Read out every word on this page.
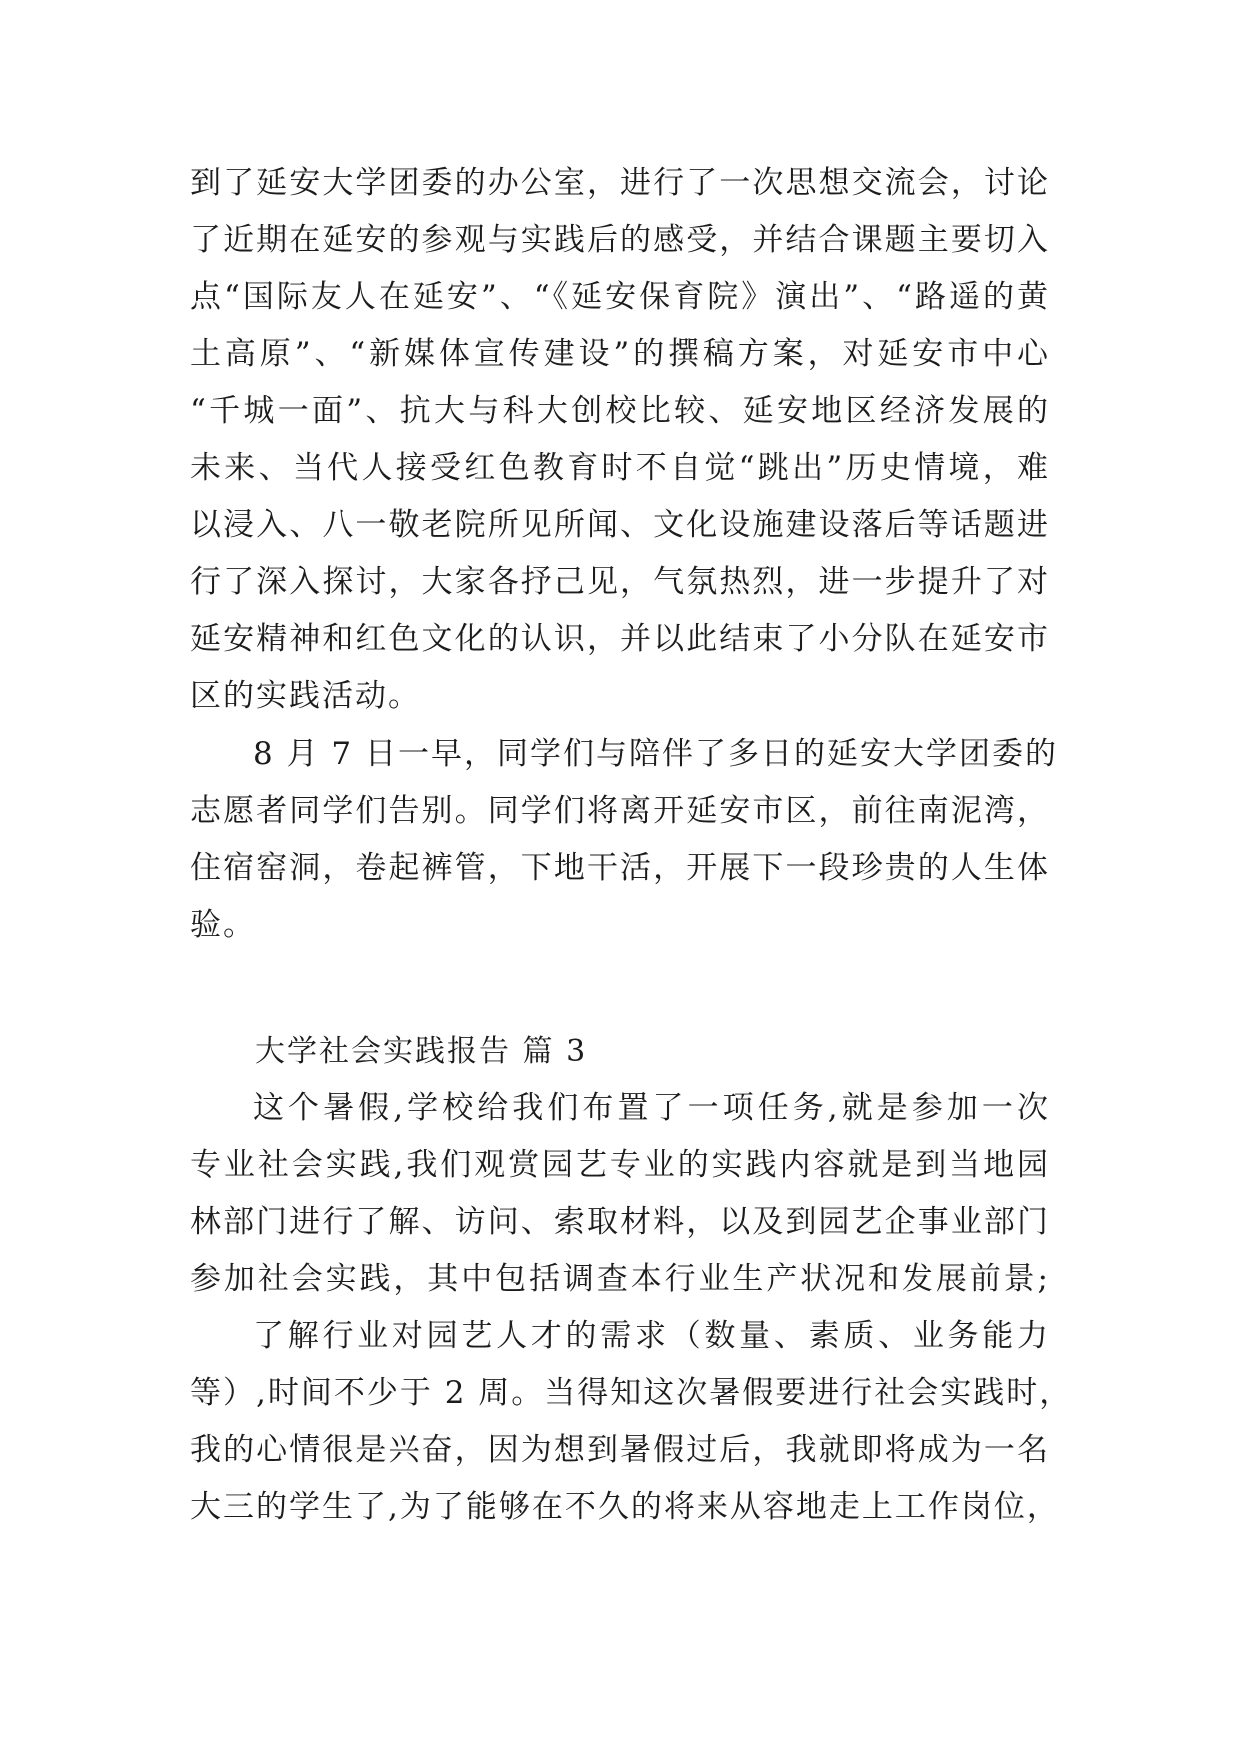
到了延安大学团委的办公室，进行了一次思想交流会，讨论
了近期在延安的参观与实践后的感受，并结合课题主要切入
点“国际友人在延安”、“《延安保育院》演出”、“路遥的黄
土高原”、“新媒体宣传建设”的撰稿方案，对延安市中心
“千城一面”、抗大与科大创校比较、延安地区经济发展的
未来、当代人接受红色教育时不自觉“跳出”历史情境，难
以浸入、八一敬老院所见所闻、文化设施建设落后等话题进
行了深入探讨，大家各抒己见，气氛热烈，进一步提升了对
延安精神和红色文化的认识，并以此结束了小分队在延安市
区的实践活动。
8 月 7 日一早，同学们与陪伴了多日的延安大学团委的
志愿者同学们告别。同学们将离开延安市区，前往南泥湾，
住宿窑洞，卷起裤管，下地干活，开展下一段珍贵的人生体
验。
大学社会实践报告 篇 3
这个暑假,学校给我们布置了一项任务,就是参加一次
专业社会实践,我们观赏园艺专业的实践内容就是到当地园
林部门进行了解、访问、索取材料，以及到园艺企事业部门
参加社会实践，其中包括调查本行业生产状况和发展前景;
了解行业对园艺人才的需求（数量、素质、业务能力
等）,时间不少于 2 周。当得知这次暑假要进行社会实践时，
我的心情很是兴奋，因为想到暑假过后，我就即将成为一名
大三的学生了,为了能够在不久的将来从容地走上工作岗位，
